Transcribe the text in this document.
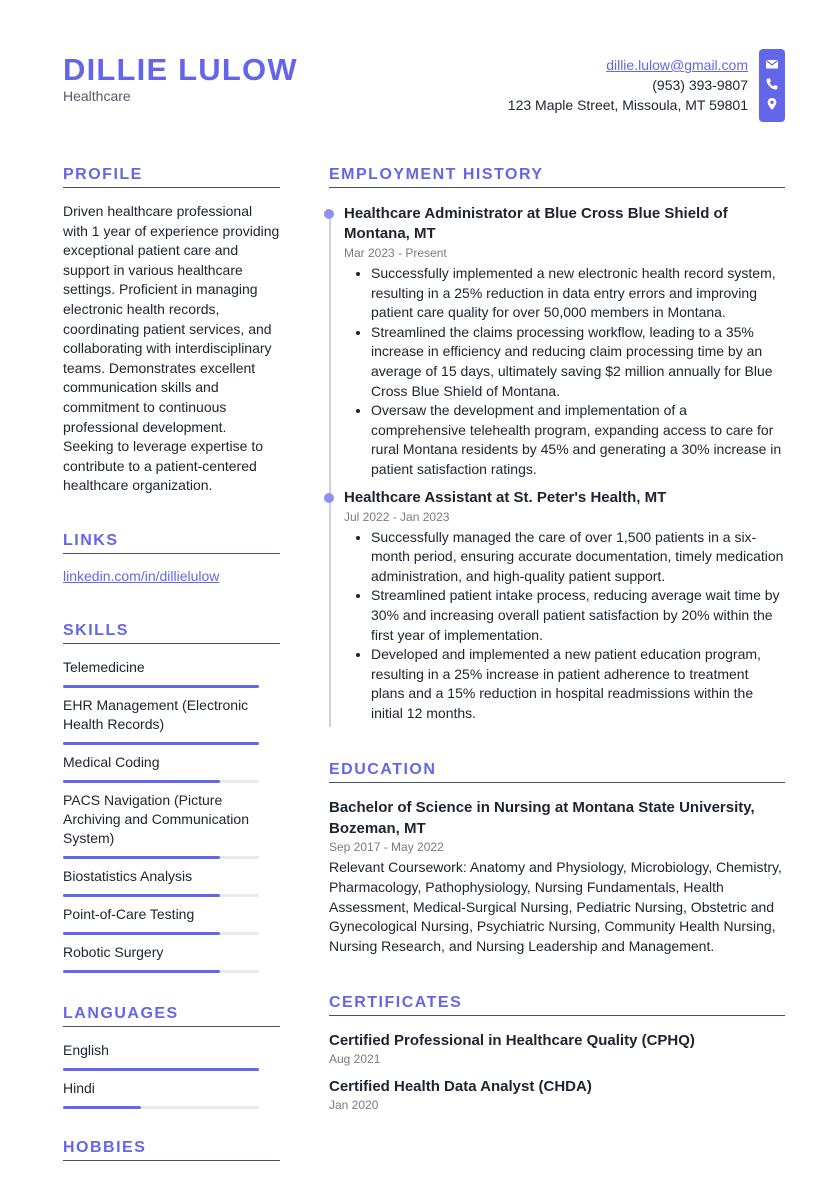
DILLIE LULOW
Healthcare
dillie.lulow@gmail.com
(953) 393-9807
123 Maple Street, Missoula, MT 59801
PROFILE
Driven healthcare professional with 1 year of experience providing exceptional patient care and support in various healthcare settings. Proficient in managing electronic health records, coordinating patient services, and collaborating with interdisciplinary teams. Demonstrates excellent communication skills and commitment to continuous professional development. Seeking to leverage expertise to contribute to a patient-centered healthcare organization.
LINKS
linkedin.com/in/dillielulow
SKILLS
Telemedicine
EHR Management (Electronic Health Records)
Medical Coding
PACS Navigation (Picture Archiving and Communication System)
Biostatistics Analysis
Point-of-Care Testing
Robotic Surgery
LANGUAGES
English
Hindi
HOBBIES
EMPLOYMENT HISTORY
Healthcare Administrator at Blue Cross Blue Shield of Montana, MT
Mar 2023 - Present
• Successfully implemented a new electronic health record system, resulting in a 25% reduction in data entry errors and improving patient care quality for over 50,000 members in Montana.
• Streamlined the claims processing workflow, leading to a 35% increase in efficiency and reducing claim processing time by an average of 15 days, ultimately saving $2 million annually for Blue Cross Blue Shield of Montana.
• Oversaw the development and implementation of a comprehensive telehealth program, expanding access to care for rural Montana residents by 45% and generating a 30% increase in patient satisfaction ratings.
Healthcare Assistant at St. Peter's Health, MT
Jul 2022 - Jan 2023
• Successfully managed the care of over 1,500 patients in a six-month period, ensuring accurate documentation, timely medication administration, and high-quality patient support.
• Streamlined patient intake process, reducing average wait time by 30% and increasing overall patient satisfaction by 20% within the first year of implementation.
• Developed and implemented a new patient education program, resulting in a 25% increase in patient adherence to treatment plans and a 15% reduction in hospital readmissions within the initial 12 months.
EDUCATION
Bachelor of Science in Nursing at Montana State University, Bozeman, MT
Sep 2017 - May 2022
Relevant Coursework: Anatomy and Physiology, Microbiology, Chemistry, Pharmacology, Pathophysiology, Nursing Fundamentals, Health Assessment, Medical-Surgical Nursing, Pediatric Nursing, Obstetric and Gynecological Nursing, Psychiatric Nursing, Community Health Nursing, Nursing Research, and Nursing Leadership and Management.
CERTIFICATES
Certified Professional in Healthcare Quality (CPHQ)
Aug 2021
Certified Health Data Analyst (CHDA)
Jan 2020
